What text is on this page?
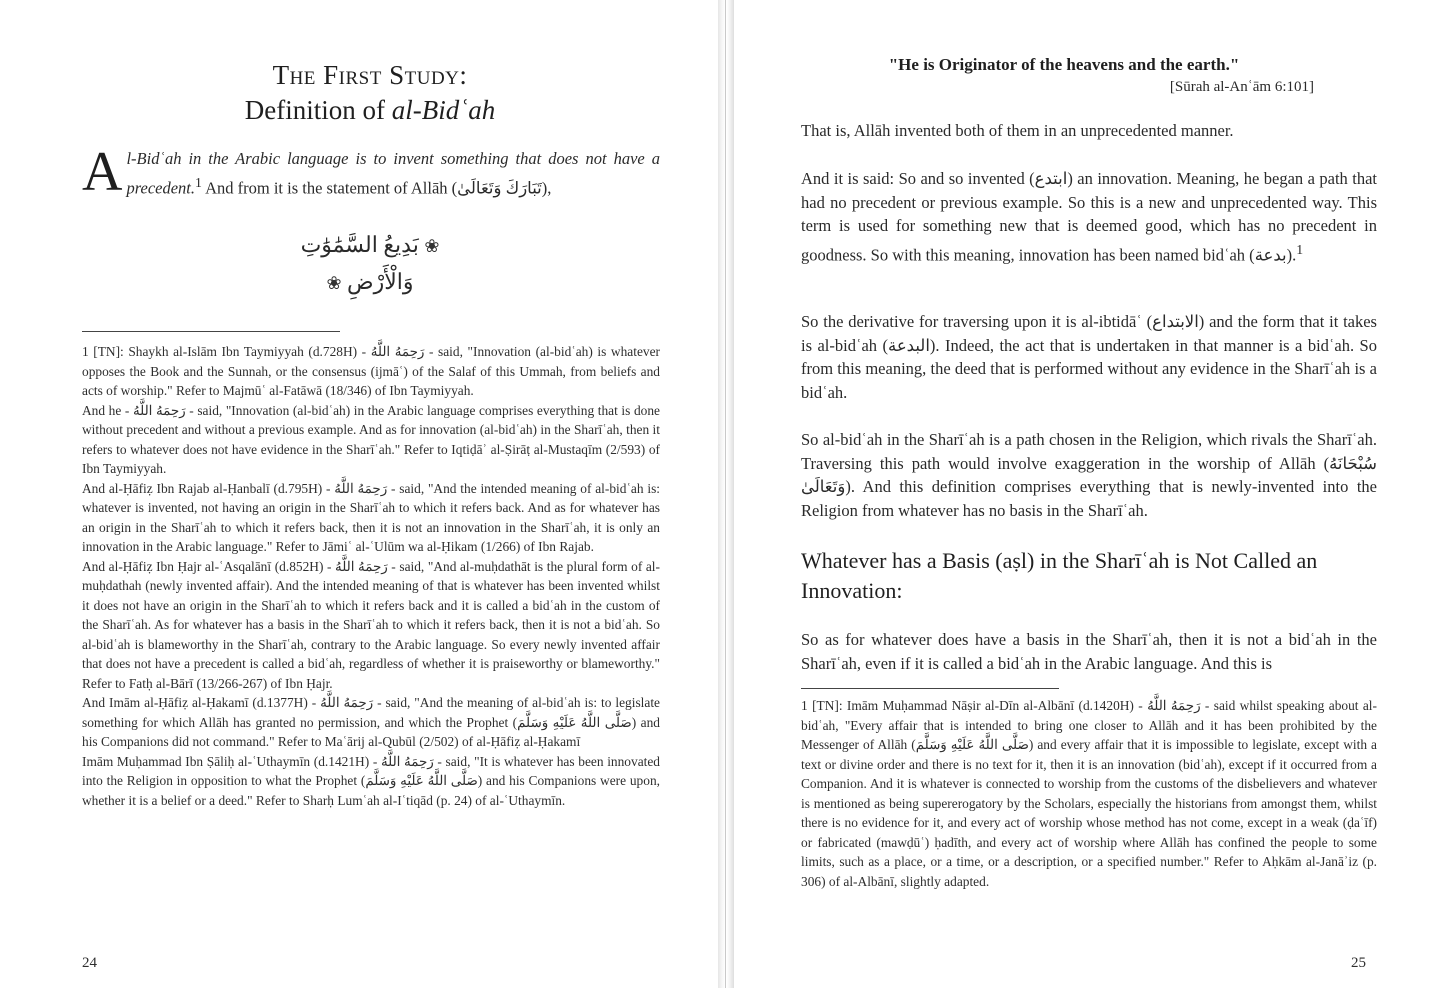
The First Study:
Definition of al-Bidʿah
Al-Bidʿah in the Arabic language is to invent something that does not have a precedent.$^1$ And from it is the statement of Allāh (تَبَارَكَ وَتَعَالَىٰ),
❀ بَدِيعُ السَّمَٰوَٰتِ وَالْأَرْضِ ❀

1 [TN]: Shaykh al-Islām Ibn Taymiyyah (d.728H) - رَحِمَهُ اللَّهُ - said, "Innovation (al-bidʿah) is whatever opposes the Book and the Sunnah, or the consensus (ijmāʿ) of the Salaf of this Ummah, from beliefs and acts of worship." Refer to Majmūʿ al-Fatāwā (18/346) of Ibn Taymiyyah.

And he - رَحِمَهُ اللَّهُ - said, "Innovation (al-bidʿah) in the Arabic language comprises everything that is done without precedent and without a previous example. And as for innovation (al-bidʿah) in the Sharīʿah, then it refers to whatever does not have evidence in the Sharīʿah." Refer to Iqtiḍāʾ al-Ṣirāṭ al-Mustaqīm (2/593) of Ibn Taymiyyah.

And al-Ḥāfiẓ Ibn Rajab al-Ḥanbalī (d.795H) - رَحِمَهُ اللَّهُ - said, "And the intended meaning of al-bidʿah is: whatever is invented, not having an origin in the Sharīʿah to which it refers back. And as for whatever has an origin in the Sharīʿah to which it refers back, then it is not an innovation in the Sharīʿah, it is only an innovation in the Arabic language." Refer to Jāmiʿ al-ʿUlūm wa al-Ḥikam (1/266) of Ibn Rajab.

And al-Ḥāfiẓ Ibn Ḥajr al-ʿAsqalānī (d.852H) - رَحِمَهُ اللَّهُ - said, "And al-muḥdathāt is the plural form of al-muḥdathah (newly invented affair). And the intended meaning of that is whatever has been invented whilst it does not have an origin in the Sharīʿah to which it refers back and it is called a bidʿah in the custom of the Sharīʿah. As for whatever has a basis in the Sharīʿah to which it refers back, then it is not a bidʿah. So al-bidʿah is blameworthy in the Sharīʿah, contrary to the Arabic language. So every newly invented affair that does not have a precedent is called a bidʿah, regardless of whether it is praiseworthy or blameworthy." Refer to Fatḥ al-Bārī (13/266-267) of Ibn Ḥajr.

And Imām al-Ḥāfiẓ al-Ḥakamī (d.1377H) - رَحِمَهُ اللَّهُ - said, "And the meaning of al-bidʿah is: to legislate something for which Allāh has granted no permission, and which the Prophet (صَلَّى اللَّهُ عَلَيْهِ وَسَلَّمَ) and his Companions did not command." Refer to Maʿārij al-Qubūl (2/502) of al-Ḥāfiẓ al-Ḥakamī

Imām Muḥammad Ibn Ṣāliḥ al-ʿUthaymīn (d.1421H) - رَحِمَهُ اللَّهُ - said, "It is whatever has been innovated into the Religion in opposition to what the Prophet (صَلَّى اللَّهُ عَلَيْهِ وَسَلَّمَ) and his Companions were upon, whether it is a belief or a deed." Refer to Sharḥ Lumʿah al-Iʿtiqād (p. 24) of al-ʿUthaymīn.

24
"He is Originator of the heavens and the earth."
[Sūrah al-Anʿām 6:101]

That is, Allāh invented both of them in an unprecedented manner.

And it is said: So and so invented (ابتدع) an innovation. Meaning, he began a path that had no precedent or previous example. So this is a new and unprecedented way. This term is used for something new that is deemed good, which has no precedent in goodness. So with this meaning, innovation has been named bidʿah (بدعة).$^1$

So the derivative for traversing upon it is al-ibtidāʿ (الابتداع) and the form that it takes is al-bidʿah (البدعة). Indeed, the act that is undertaken in that manner is a bidʿah. So from this meaning, the deed that is performed without any evidence in the Sharīʿah is a bidʿah.

So al-bidʿah in the Sharīʿah is a path chosen in the Religion, which rivals the Sharīʿah. Traversing this path would involve exaggeration in the worship of Allāh (سُبْحَانَهُ وَتَعَالَىٰ). And this definition comprises everything that is newly-invented into the Religion from whatever has no basis in the Sharīʿah.

Whatever has a Basis (aṣl) in the Sharīʿah is Not Called an Innovation:

So as for whatever does have a basis in the Sharīʿah, then it is not a bidʿah in the Sharīʿah, even if it is called a bidʿah in the Arabic language. And this is

1 [TN]: Imām Muḥammad Nāṣir al-Dīn al-Albānī (d.1420H) - رَحِمَهُ اللَّهُ - said whilst speaking about al-bidʿah, "Every affair that is intended to bring one closer to Allāh and it has been prohibited by the Messenger of Allāh (صَلَّى اللَّهُ عَلَيْهِ وَسَلَّمَ) and every affair that it is impossible to legislate, except with a text or divine order and there is no text for it, then it is an innovation (bidʿah), except if it occurred from a Companion. And it is whatever is connected to worship from the customs of the disbelievers and whatever is mentioned as being supererogatory by the Scholars, especially the historians from amongst them, whilst there is no evidence for it, and every act of worship whose method has not come, except in a weak (ḍaʿīf) or fabricated (mawḍūʿ) ḥadīth, and every act of worship where Allāh has confined the people to some limits, such as a place, or a time, or a description, or a specified number." Refer to Aḥkām al-Janāʾiz (p. 306) of al-Albānī, slightly adapted.

25
